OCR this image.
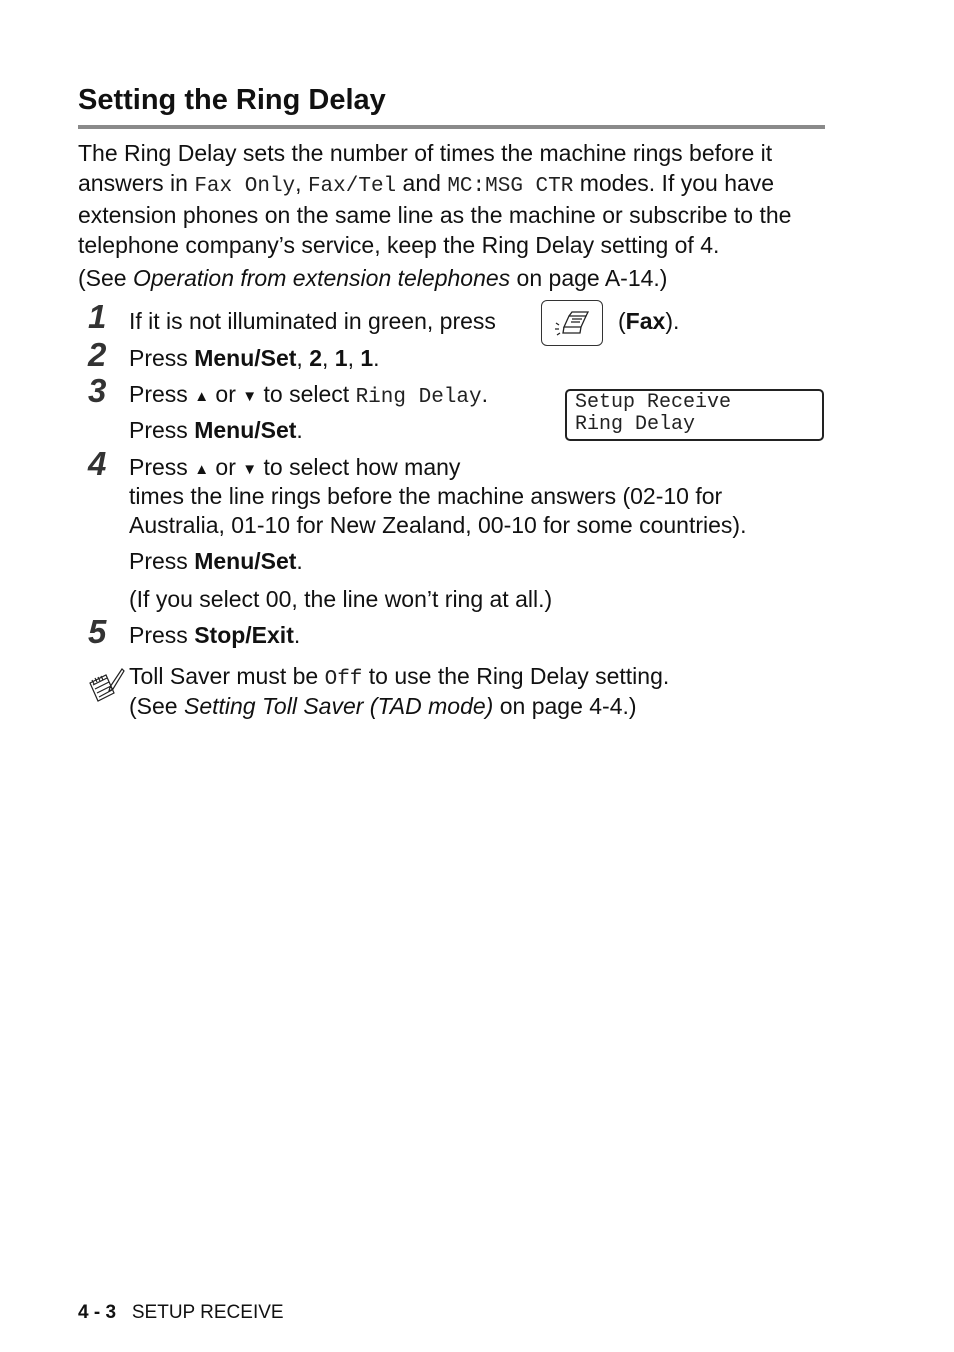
Setting the Ring Delay
The Ring Delay sets the number of times the machine rings before it answers in Fax Only, Fax/Tel and MC:MSG CTR modes. If you have extension phones on the same line as the machine or subscribe to the telephone company’s service, keep the Ring Delay setting of 4.
(See Operation from extension telephones on page A-14.)
1 If it is not illuminated in green, press	(Fax).
2 Press Menu/Set, 2, 1, 1.
3 Press ▲ or ▼ to select Ring Delay.
Press Menu/Set.
Setup Receive
Ring Delay
4 Press ▲ or ▼ to select how many
times the line rings before the machine answers (02-10 for
Australia, 01-10 for New Zealand, 00-10 for some countries).
Press Menu/Set.
(If you select 00, the line won’t ring at all.)
5 Press Stop/Exit.
Toll Saver must be Off to use the Ring Delay setting.
(See Setting Toll Saver (TAD mode) on page 4-4.)
4 - 3 SETUP RECEIVE
